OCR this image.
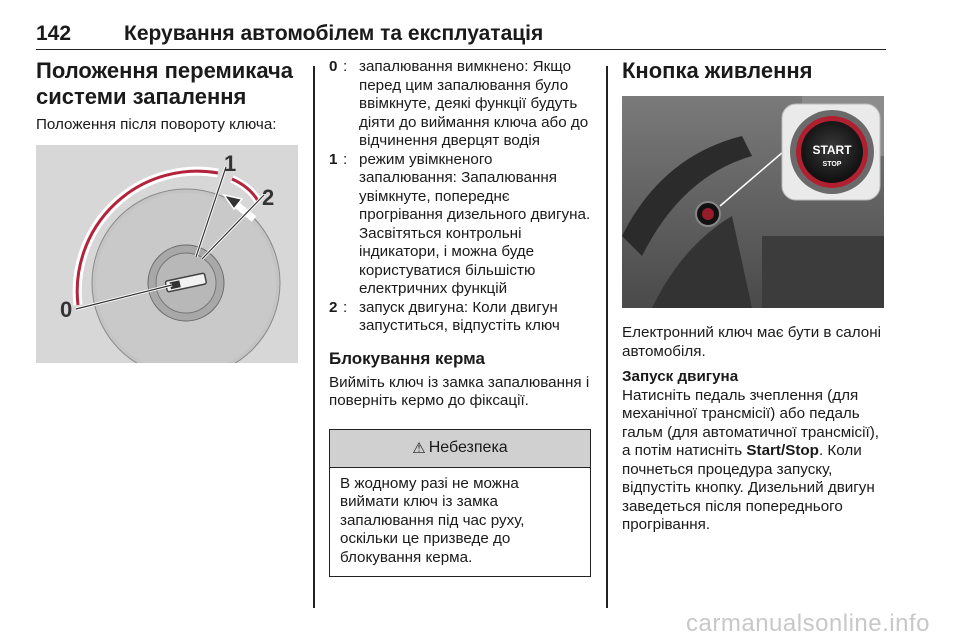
142	Керування автомобілем та експлуатація
Положення перемикача системи запалення
Положення після повороту ключа:
0
1
2
0 : запалювання вимкнено: Якщо перед цим запалювання було ввімкнуте, деякі функції будуть діяти до виймання ключа або до відчинення дверцят водія
1 : режим увімкненого запалювання: Запалювання увімкнуте, попереднє прогрівання дизельного двигуна. Засвітяться контрольні індикатори, і можна буде користуватися більшістю електричних функцій
2 : запуск двигуна: Коли двигун запуститься, відпустіть ключ
Блокування керма
Вийміть ключ із замка запалювання і поверніть кермо до фіксації.
⚠ Небезпека
В жодному разі не можна виймати ключ із замка запалювання під час руху, оскільки це призведе до блокування керма.
Кнопка живлення
START
STOP
Електронний ключ має бути в салоні автомобіля.
Запуск двигуна
Натисніть педаль зчеплення (для механічної трансмісії) або педаль гальм (для автоматичної трансмісії), а потім натисніть Start/Stop. Коли почнеться процедура запуску, відпустіть кнопку. Дизельний двигун заведеться після попереднього прогрівання.
carmanualsonline.info
